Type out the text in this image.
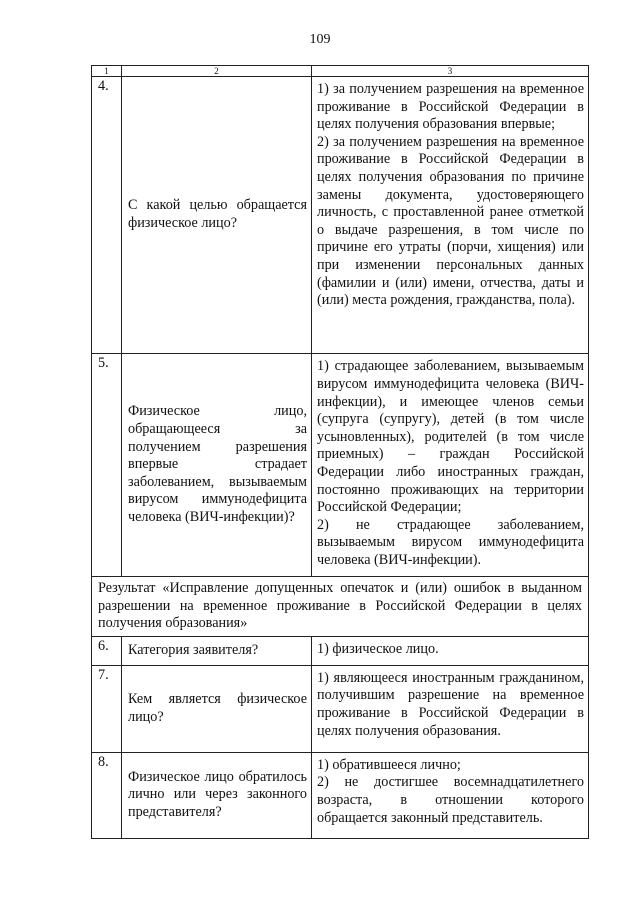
109
1	2	3
4.	С какой целью обращается физическое лицо?	1) за получением разрешения на временное проживание в Российской Федерации в целях получения образования впервые;
2) за получением разрешения на временное проживание в Российской Федерации в целях получения образования по причине замены документа, удостоверяющего личность, с проставленной ранее отметкой о выдаче разрешения, в том числе по причине его утраты (порчи, хищения) или при изменении персональных данных (фамилии и (или) имени, отчества, даты и (или) места рождения, гражданства, пола).

5.	Физическое лицо, обращающееся за получением разрешения впервые страдает заболеванием, вызываемым вирусом иммунодефицита человека (ВИЧ-инфекции)?	1) страдающее заболеванием, вызываемым вирусом иммунодефицита человека (ВИЧ-инфекции), и имеющее членов семьи (супруга (супругу), детей (в том числе усыновленных), родителей (в том числе приемных) – граждан Российской Федерации либо иностранных граждан, постоянно проживающих на территории Российской Федерации;
2) не страдающее заболеванием, вызываемым вирусом иммунодефицита человека (ВИЧ-инфекции).

Результат «Исправление допущенных опечаток и (или) ошибок в выданном разрешении на временное проживание в Российской Федерации в целях получения образования»		
6.	Категория заявителя?	1) физическое лицо.

7.	Кем является физическое лицо?	1) являющееся иностранным гражданином, получившим разрешение на временное проживание в Российской Федерации в целях получения образования.

8.	Физическое лицо обратилось лично или через законного представителя?	1) обратившееся лично;
2) не достигшее восемнадцатилетнего возраста, в отношении которого обращается законный представитель.
